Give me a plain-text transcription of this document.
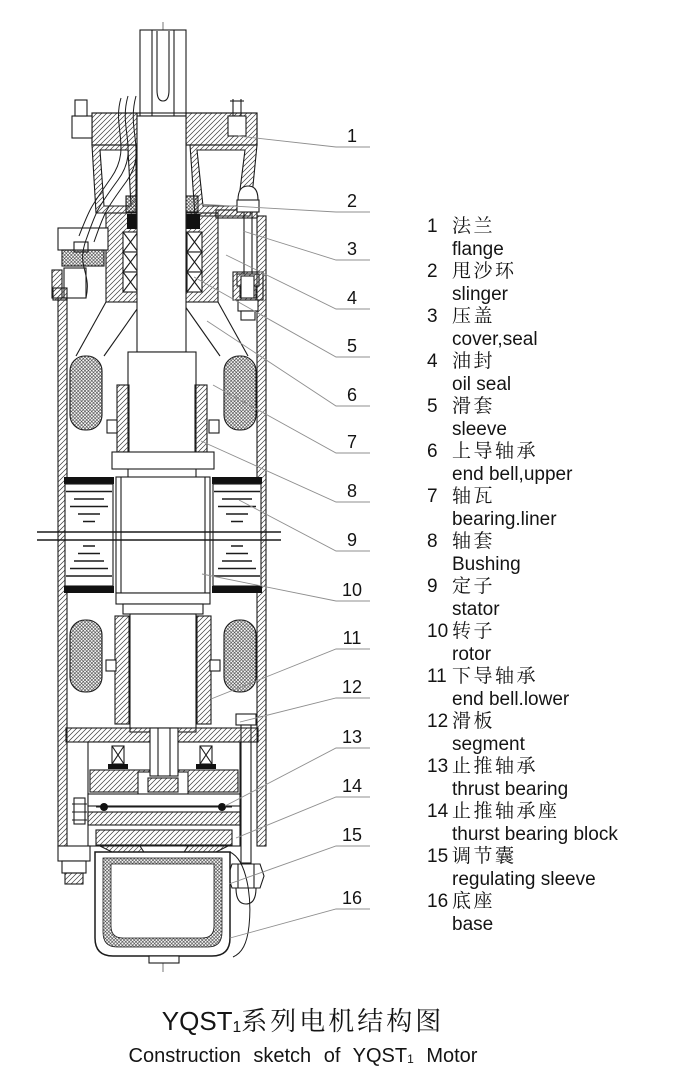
1
2
3
4
5
6
7
8
9
10
11
12
13
14
15
16
1 法兰
flange
2 甩沙环
slinger
3 压盖
cover,seal
4 油封
oil seal
5 滑套
sleeve
6 上导轴承
end bell,upper
7 轴瓦
bearing.liner
8 轴套
Bushing
9 定子
stator
10 转子
rotor
11 下导轴承
end bell.lower
12 滑板
segment
13 止推轴承
thrust bearing
14 止推轴承座
thurst bearing block
15 调节囊
regulating sleeve
16 底座
base
$YQST_1$系列电机结构图
Construction sketch of $YQST_1$ Motor
